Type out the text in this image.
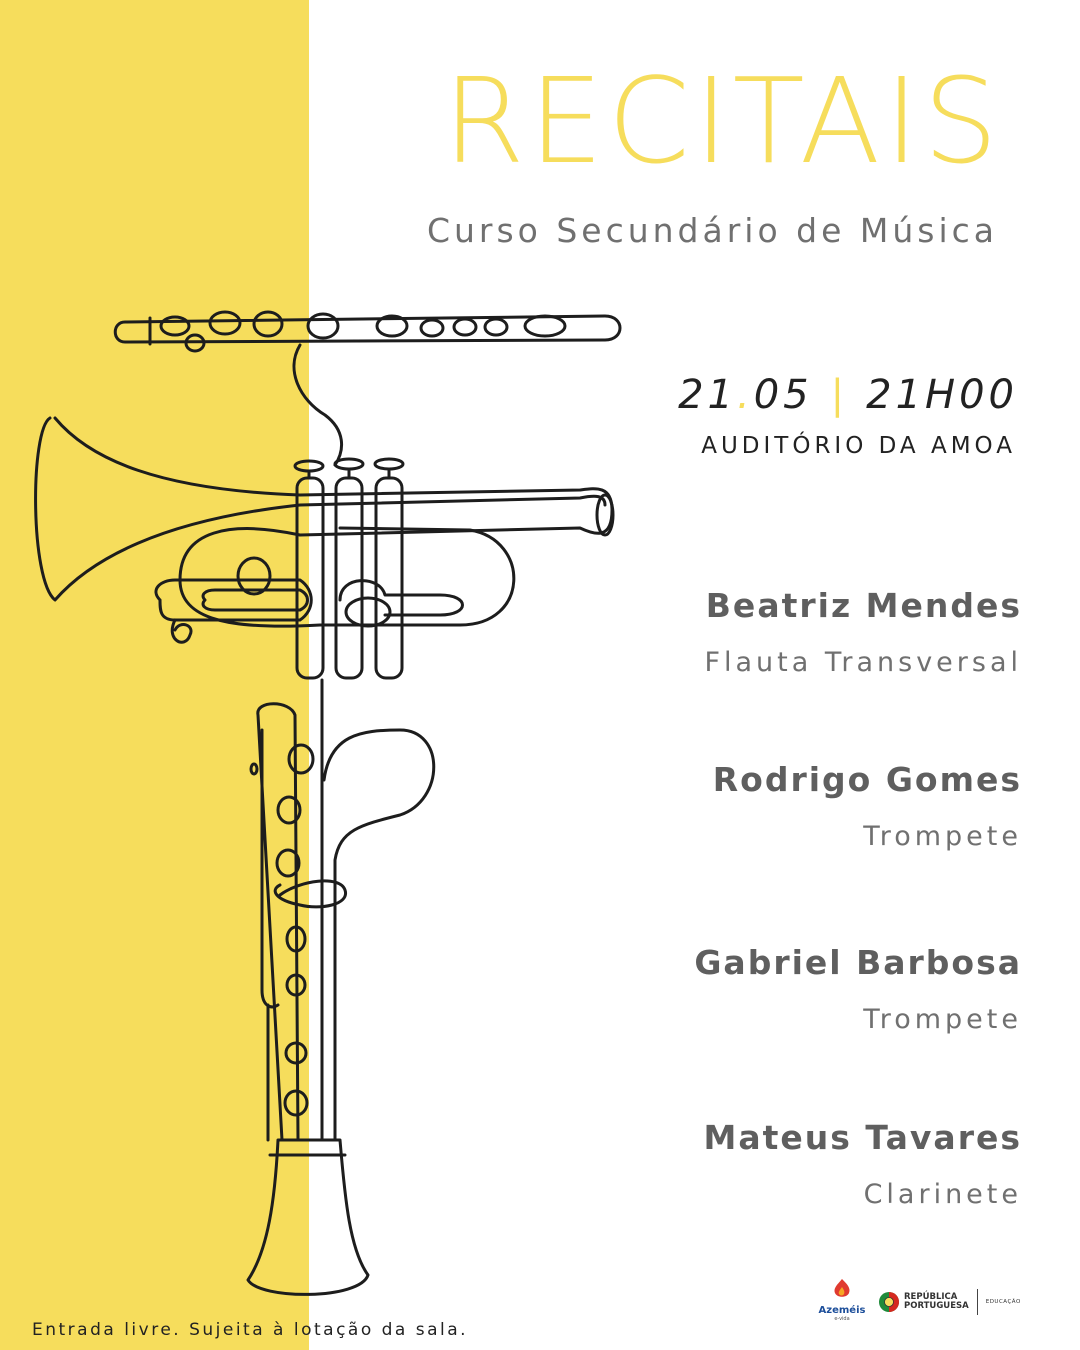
RECITAIS
Curso Secundário de Música
21.05 | 21H00
AUDITÓRIO DA AMOA
Beatriz Mendes
Flauta Transversal
Rodrigo Gomes
Trompete
Gabriel Barbosa
Trompete
Mateus Tavares
Clarinete
Azeméis
e-vida
REPÚBLICA
PORTUGUESA	EDUCAÇÃO
Entrada livre. Sujeita à lotação da sala.
